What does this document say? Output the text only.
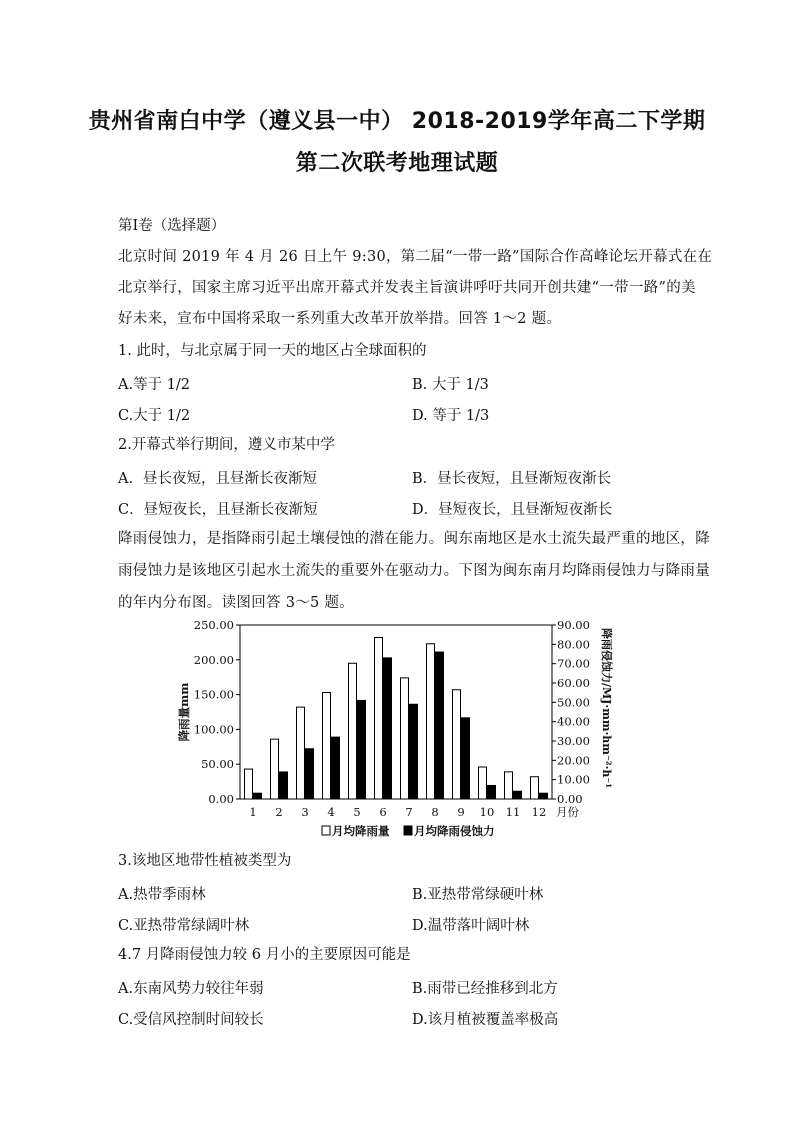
贵州省南白中学（遵义县一中） 2018-2019学年高二下学期
第二次联考地理试题
第Ⅰ卷（选择题）
北京时间 2019 年 4 月 26 日上午 9:30，第二届“一带一路”国际合作高峰论坛开幕式在在
北京举行，国家主席习近平出席开幕式并发表主旨演讲呼吁共同开创共建“一带一路”的美
好未来，宣布中国将采取一系列重大改革开放举措。回答 1～2 题。
1. 此时，与北京属于同一天的地区占全球面积的
A.等于 1/2	B. 大于 1/3
C.大于 1/2	D. 等于 1/3
2.开幕式举行期间，遵义市某中学
A．昼长夜短，且昼渐长夜渐短	B．昼长夜短，且昼渐短夜渐长
C．昼短夜长，且昼渐长夜渐短	D．昼短夜长，且昼渐短夜渐长
降雨侵蚀力，是指降雨引起土壤侵蚀的潜在能力。闽东南地区是水土流失最严重的地区，降
雨侵蚀力是该地区引起水土流失的重要外在驱动力。下图为闽东南月均降雨侵蚀力与降雨量
的年内分布图。读图回答 3～5 题。
0.00
50.00
100.00
150.00
200.00
250.00
0.00
10.00
20.00
30.00
40.00
50.00
60.00
70.00
80.00
90.00
1 2 3 4 5 6 7 8 9 10 11 12 月份
降雨量mm	降雨侵蚀力/MJ·mm·hm⁻²·h⁻¹
月均降雨量 月均降雨侵蚀力
3.该地区地带性植被类型为
A.热带季雨林	B.亚热带常绿硬叶林
C.亚热带常绿阔叶林	D.温带落叶阔叶林
4.7 月降雨侵蚀力较 6 月小的主要原因可能是
A.东南风势力较往年弱	B.雨带已经推移到北方
C.受信风控制时间较长	D.该月植被覆盖率极高
